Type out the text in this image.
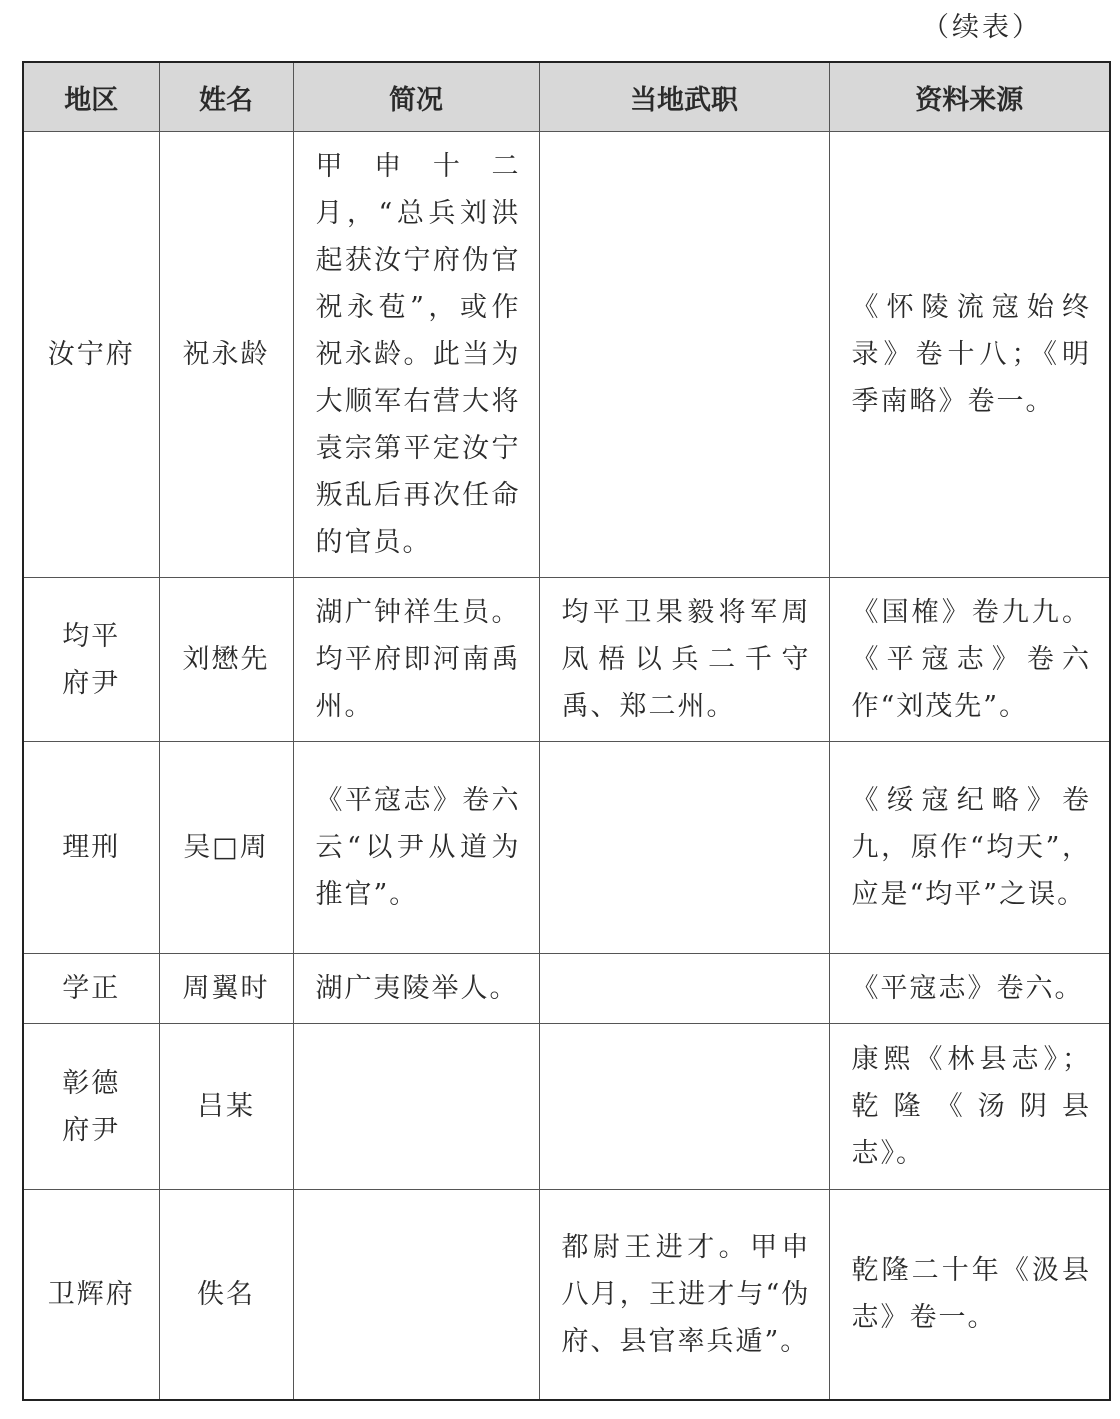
（续表）
地区	姓名	简况	当地武职	资料来源
汝宁府	祝永龄	甲申十二月，“总兵刘洪起获汝宁府伪官祝永苞”，或作祝永龄。此当为大顺军右营大将袁宗第平定汝宁叛乱后再次任命的官员。		《怀陵流寇始终录》卷十八；《明季南略》卷一。
均平府尹	刘懋先	湖广钟祥生员。均平府即河南禹州。	均平卫果毅将军周凤梧以兵二千守禹、郑二州。	《国榷》卷九九。《平寇志》卷六作“刘茂先”。
理刑	吴□周	《平寇志》卷六云“以尹从道为推官”。		《绥寇纪略》卷九，原作“均天”，应是“均平”之误。
学正	周翼时	湖广夷陵举人。		《平寇志》卷六。
彰德府尹	吕某			康熙《林县志》；乾隆《汤阴县志》。
卫辉府	佚名		都尉王进才。甲申八月，王进才与“伪府、县官率兵遁”。	乾隆二十年《汲县志》卷一。
